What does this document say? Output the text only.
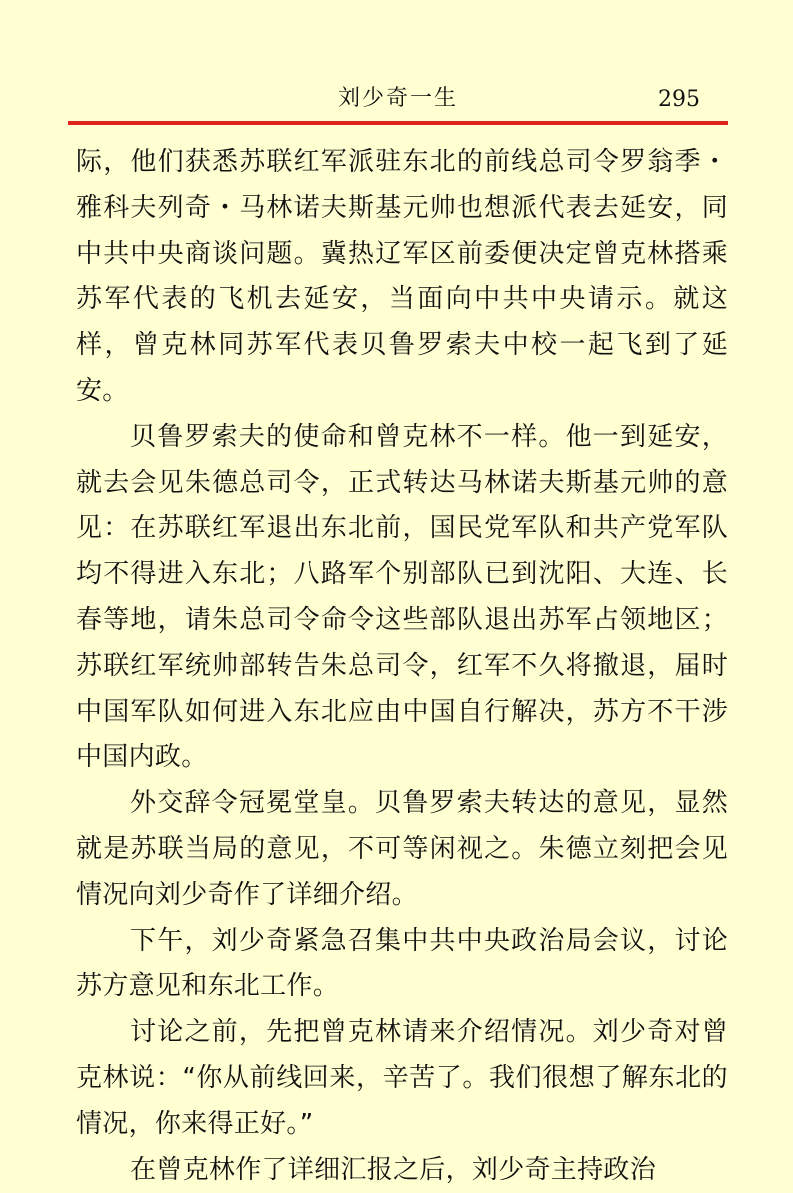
刘少奇一生	295

际，他们获悉苏联红军派驻东北的前线总司令罗翁季・雅科夫列奇・马林诺夫斯基元帅也想派代表去延安，同中共中央商谈问题。冀热辽军区前委便决定曾克林搭乘苏军代表的飞机去延安，当面向中共中央请示。就这样，曾克林同苏军代表贝鲁罗索夫中校一起飞到了延安。

贝鲁罗索夫的使命和曾克林不一样。他一到延安，就去会见朱德总司令，正式转达马林诺夫斯基元帅的意见：在苏联红军退出东北前，国民党军队和共产党军队均不得进入东北；八路军个别部队已到沈阳、大连、长春等地，请朱总司令命令这些部队退出苏军占领地区；苏联红军统帅部转告朱总司令，红军不久将撤退，届时中国军队如何进入东北应由中国自行解决，苏方不干涉中国内政。

外交辞令冠冕堂皇。贝鲁罗索夫转达的意见，显然就是苏联当局的意见，不可等闲视之。朱德立刻把会见情况向刘少奇作了详细介绍。

下午，刘少奇紧急召集中共中央政治局会议，讨论苏方意见和东北工作。

讨论之前，先把曾克林请来介绍情况。刘少奇对曾克林说：“你从前线回来，辛苦了。我们很想了解东北的情况，你来得正好。”

在曾克林作了详细汇报之后，刘少奇主持政治
